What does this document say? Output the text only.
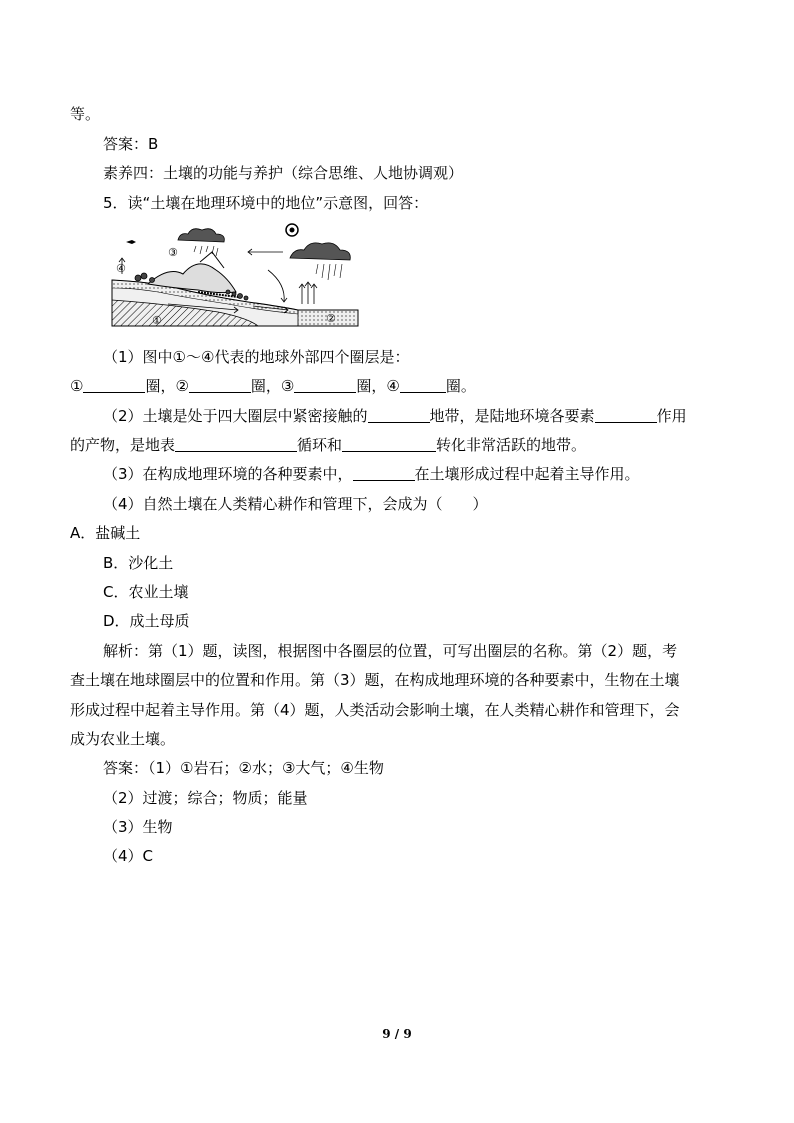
等。
答案：B
素养四：土壤的功能与养护（综合思维、人地协调观）
5．读“土壤在地理环境中的地位”示意图，回答：
④
③
①	②
（1）图中①～④代表的地球外部四个圈层是：
①	圈，②	圈，③	圈，④	圈。
（2）土壤是处于四大圈层中紧密接触的	地带，是陆地环境各要素	作用
的产物，是地表	循环和	转化非常活跃的地带。
（3）在构成地理环境的各种要素中，	在土壤形成过程中起着主导作用。
（4）自然土壤在人类精心耕作和管理下，会成为（　　）
A．盐碱土
B．沙化土
C．农业土壤
D．成土母质
解析：第（1）题，读图，根据图中各圈层的位置，可写出圈层的名称。第（2）题，考
查土壤在地球圈层中的位置和作用。第（3）题，在构成地理环境的各种要素中，生物在土壤
形成过程中起着主导作用。第（4）题，人类活动会影响土壤，在人类精心耕作和管理下，会
成为农业土壤。
答案：（1）①岩石；②水；③大气；④生物
（2）过渡；综合；物质；能量
（3）生物
（4）C
9 / 9
